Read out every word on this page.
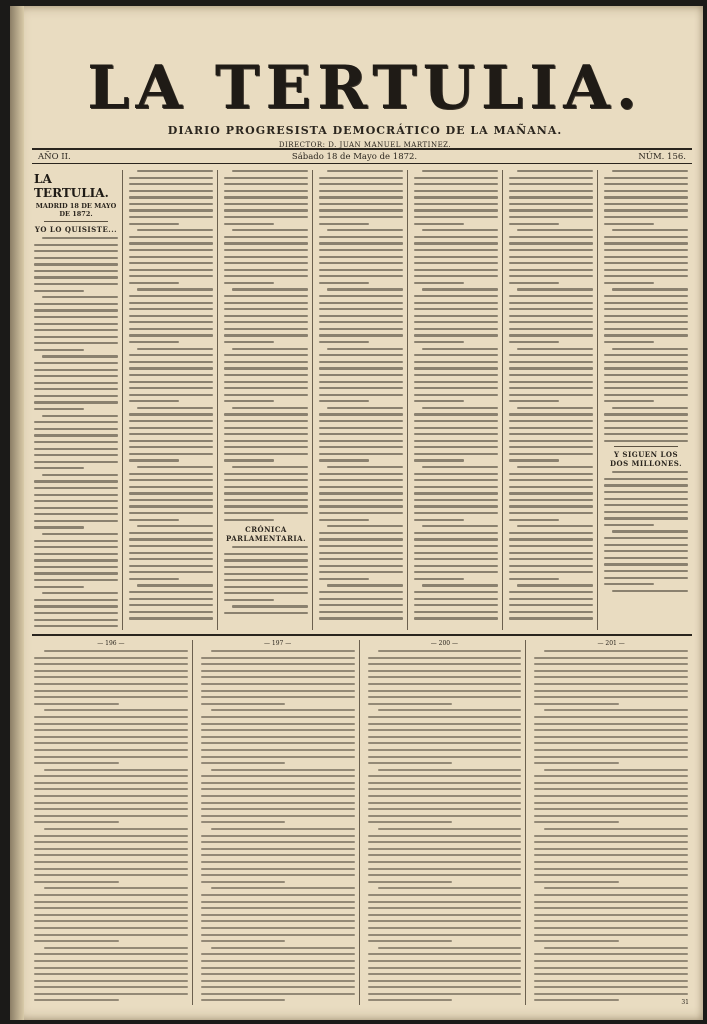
LA TERTULIA.
DIARIO PROGRESISTA DEMOCRÁTICO DE LA MAÑANA.
DIRECTOR: D. JUAN MANUEL MARTINEZ.
AÑO II.	Sábado 18 de Mayo de 1872.	NÚM. 156.
LA TERTULIA.
MADRID 18 DE MAYO DE 1872.
YO LO QUISISTE...
CRÓNICA PARLAMENTARIA.
Y SIGUEN LOS DOS MILLONES.
— 196 —	— 197 —	— 200 —	— 201 —
31
